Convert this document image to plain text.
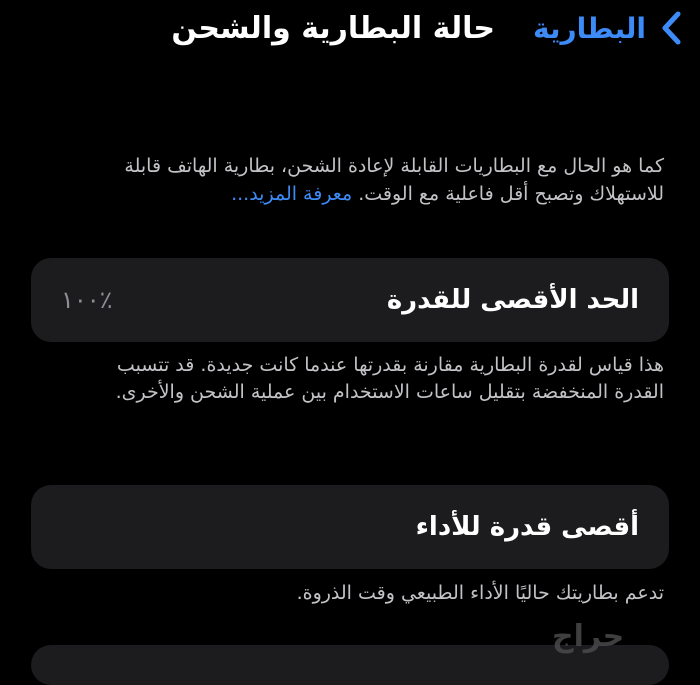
البطارية
حالة البطارية والشحن
كما هو الحال مع البطاريات القابلة لإعادة الشحن، بطارية الهاتف قابلة للاستهلاك وتصبح أقل فاعلية مع الوقت. معرفة المزيد...
الحد الأقصى للقدرة
٪١٠٠
هذا قياس لقدرة البطارية مقارنة بقدرتها عندما كانت جديدة. قد تتسبب القدرة المنخفضة بتقليل ساعات الاستخدام بين عملية الشحن والأخرى.
أقصى قدرة للأداء
تدعم بطاريتك حاليًا الأداء الطبيعي وقت الذروة.
حراج
